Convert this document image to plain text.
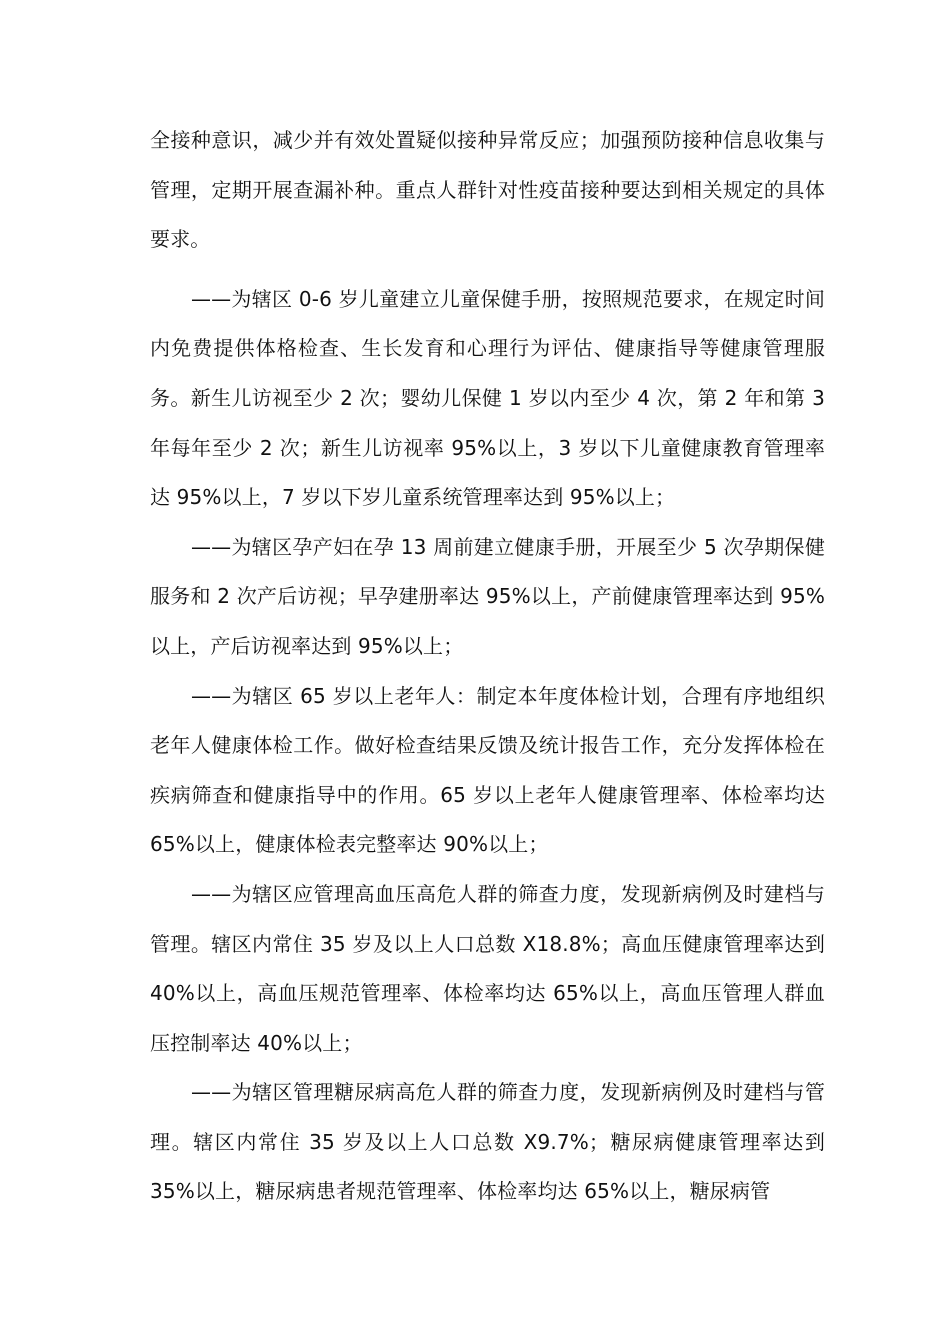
全接种意识，减少并有效处置疑似接种异常反应；加强预防接种信息收集与管理，定期开展查漏补种。重点人群针对性疫苗接种要达到相关规定的具体要求。

——为辖区 0-6 岁儿童建立儿童保健手册，按照规范要求，在规定时间内免费提供体格检查、生长发育和心理行为评估、健康指导等健康管理服务。新生儿访视至少 2 次；婴幼儿保健 1 岁以内至少 4 次，第 2 年和第 3 年每年至少 2 次；新生儿访视率 95%以上，3 岁以下儿童健康教育管理率达 95%以上，7 岁以下岁儿童系统管理率达到 95%以上；

——为辖区孕产妇在孕 13 周前建立健康手册，开展至少 5 次孕期保健服务和 2 次产后访视；早孕建册率达 95%以上，产前健康管理率达到 95%以上，产后访视率达到 95%以上；

——为辖区 65 岁以上老年人：制定本年度体检计划，合理有序地组织老年人健康体检工作。做好检查结果反馈及统计报告工作，充分发挥体检在疾病筛查和健康指导中的作用。65 岁以上老年人健康管理率、体检率均达 65%以上，健康体检表完整率达 90%以上；

——为辖区应管理高血压高危人群的筛查力度，发现新病例及时建档与管理。辖区内常住 35 岁及以上人口总数 X18.8%；高血压健康管理率达到 40%以上，高血压规范管理率、体检率均达 65%以上，高血压管理人群血压控制率达 40%以上；

——为辖区管理糖尿病高危人群的筛查力度，发现新病例及时建档与管理。辖区内常住 35 岁及以上人口总数 X9.7%；糖尿病健康管理率达到 35%以上，糖尿病患者规范管理率、体检率均达 65%以上，糖尿病管
